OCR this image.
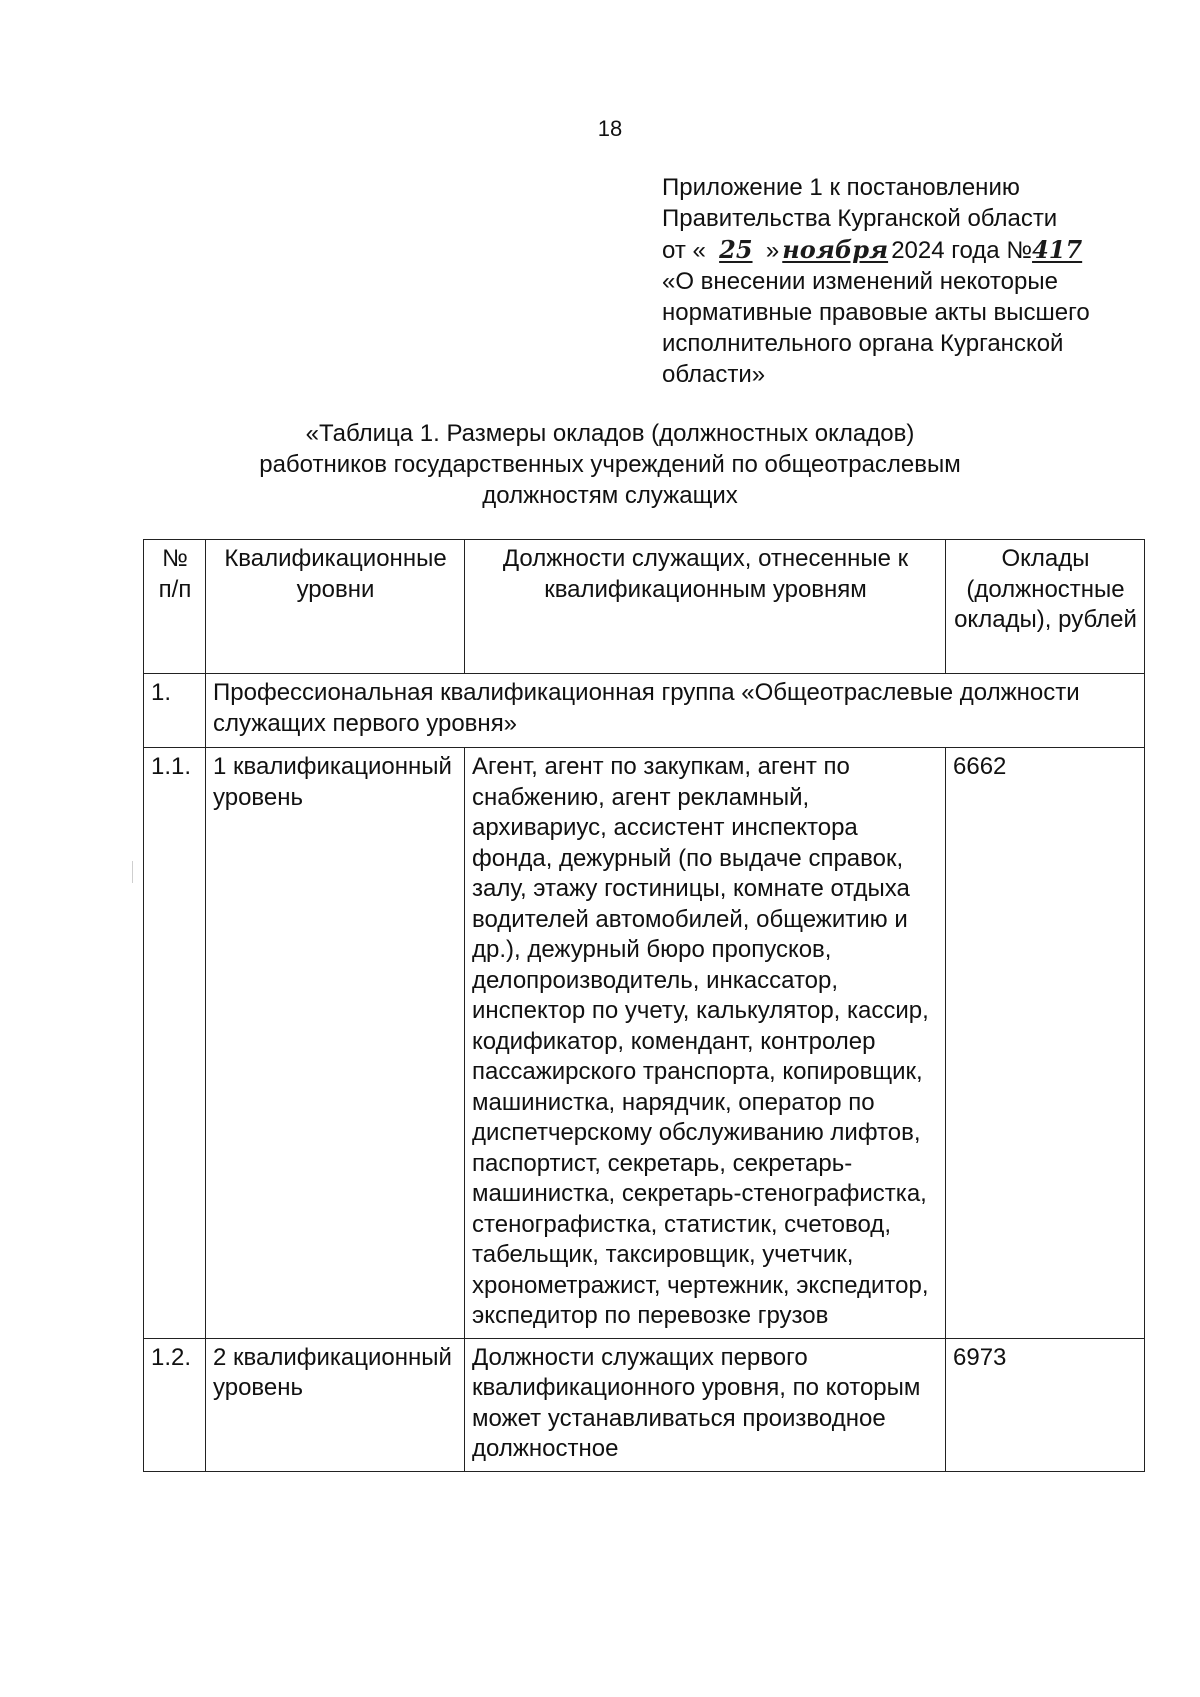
18
Приложение 1 к постановлению
Правительства Курганской области
от « 25 » ноября 2024 года №417
«О внесении изменений некоторые
нормативные правовые акты высшего
исполнительного органа Курганской
области»
«Таблица 1. Размеры окладов (должностных окладов)
работников государственных учреждений по общеотраслевым
должностям служащих
№ п/п	Квалификационные уровни	Должности служащих, отнесенные к квалификационным уровням	Оклады (должностные оклады), рублей
1.	Профессиональная квалификационная группа «Общеотраслевые должности служащих первого уровня»		
1.1.	1 квалификационный уровень	Агент, агент по закупкам, агент по снабжению, агент рекламный, архивариус, ассистент инспектора фонда, дежурный (по выдаче справок, залу, этажу гостиницы, комнате отдыха водителей автомобилей, общежитию и др.), дежурный бюро пропусков, делопроизводитель, инкассатор, инспектор по учету, калькулятор, кассир, кодификатор, комендант, контролер пассажирского транспорта, копировщик, машинистка, нарядчик, оператор по диспетчерскому обслуживанию лифтов, паспортист, секретарь, секретарь-машинистка, секретарь-стенографистка, стенографистка, статистик, счетовод, табельщик, таксировщик, учетчик, хронометражист, чертежник, экспедитор, экспедитор по перевозке грузов	6662
1.2.	2 квалификационный уровень	Должности служащих первого квалификационного уровня, по которым может устанавливаться производное должностное	6973
